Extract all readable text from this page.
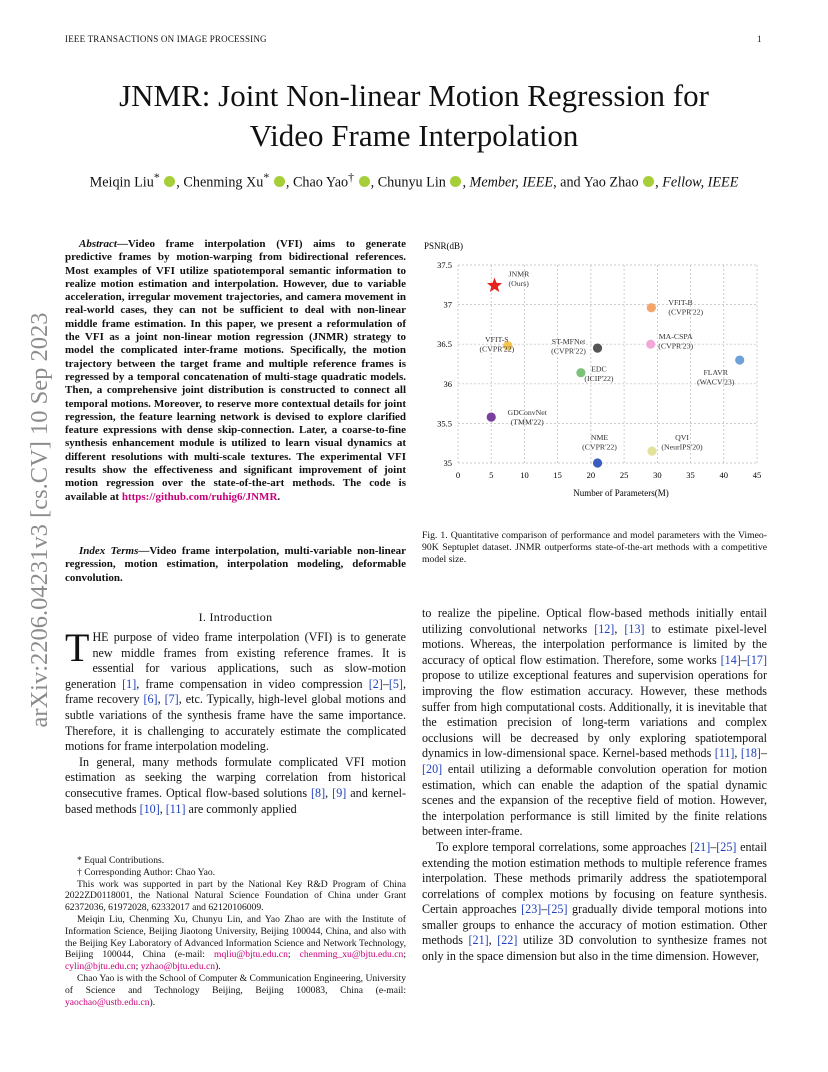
IEEE TRANSACTIONS ON IMAGE PROCESSING	1
JNMR: Joint Non-linear Motion Regression for
Video Frame Interpolation
Meiqin Liu* , Chenming Xu* , Chao Yao† , Chunyu Lin , Member, IEEE, and Yao Zhao , Fellow, IEEE
arXiv:2206.04231v3 [cs.CV] 10 Sep 2023
Abstract—Video frame interpolation (VFI) aims to generate predictive frames by motion-warping from bidirectional references. Most examples of VFI utilize spatiotemporal semantic information to realize motion estimation and interpolation. However, due to variable acceleration, irregular movement trajectories, and camera movement in real-world cases, they can not be sufficient to deal with non-linear middle frame estimation. In this paper, we present a reformulation of the VFI as a joint non-linear motion regression (JNMR) strategy to model the complicated inter-frame motions. Specifically, the motion trajectory between the target frame and multiple reference frames is regressed by a temporal concatenation of multi-stage quadratic models. Then, a comprehensive joint distribution is constructed to connect all temporal motions. Moreover, to reserve more contextual details for joint regression, the feature learning network is devised to explore clarified feature expressions with dense skip-connection. Later, a coarse-to-fine synthesis enhancement module is utilized to learn visual dynamics at different resolutions with multi-scale textures. The experimental VFI results show the effectiveness and significant improvement of joint motion regression over the state-of-the-art methods. The code is available at https://github.com/ruhig6/JNMR.
Index Terms—Video frame interpolation, multi-variable non-linear regression, motion estimation, interpolation modeling, deformable convolution.
I. Introduction
THE purpose of video frame interpolation (VFI) is to generate new middle frames from existing reference frames. It is essential for various applications, such as slow-motion generation [1], frame compensation in video compression [2]–[5], frame recovery [6], [7], etc. Typically, high-level global motions and subtle variations of the synthesis frame have the same importance. Therefore, it is challenging to accurately estimate the complicated motions for frame interpolation modeling.
In general, many methods formulate complicated VFI motion estimation as seeking the warping correlation from historical consecutive frames. Optical flow-based solutions [8], [9] and kernel-based methods [10], [11] are commonly applied

* Equal Contributions.

† Corresponding Author: Chao Yao.

This work was supported in part by the National Key R&D Program of China 2022ZD0118001, the National Natural Science Foundation of China under Grant 62372036, 61972028, 62332017 and 62120106009.

Meiqin Liu, Chenming Xu, Chunyu Lin, and Yao Zhao are with the Institute of Information Science, Beijing Jiaotong University, Beijing 100044, China, and also with the Beijing Key Laboratory of Advanced Information Science and Network Technology, Beijing 100044, China (e-mail: mqliu@bjtu.edu.cn; chenming_xu@bjtu.edu.cn; cylin@bjtu.edu.cn; yzhao@bjtu.edu.cn).

Chao Yao is with the School of Computer & Communication Engineering, University of Science and Technology Beijing, Beijing 100083, China (e-mail: yaochao@ustb.edu.cn).

PSNR(dB)
Number of Parameters(M)
35
35.5
36
36.5
37
37.5
0	5	10	15	20	25	30	35	40	45
JNMR
(Ours)
VFIT-B
(CVPR'22)
VFIT-S
(CVPR'22)
ST-MFNet
(CVPR'22)
MA-CSPA
(CVPR'23)
FLAVR
(WACV'23)
EDC
(ICIP'22)
GDConvNet
(TMM'22)
NME
(CVPR'22)
QVI
(NeurIPS'20)
Fig. 1. Quantitative comparison of performance and model parameters with the Vimeo-90K Septuplet dataset. JNMR outperforms state-of-the-art methods with a competitive model size.

to realize the pipeline. Optical flow-based methods initially entail utilizing convolutional networks [12], [13] to estimate pixel-level motions. Whereas, the interpolation performance is limited by the accuracy of optical flow estimation. Therefore, some works [14]–[17] propose to utilize exceptional features and supervision operations for improving the flow estimation accuracy. However, these methods suffer from high computational costs. Additionally, it is inevitable that the estimation precision of long-term variations and complex occlusions will be decreased by only exploring spatiotemporal dynamics in low-dimensional space. Kernel-based methods [11], [18]–[20] entail utilizing a deformable convolution operation for motion estimation, which can enable the adaption of the spatial dynamic scenes and the expansion of the receptive field of motion. However, the interpolation performance is still limited by the finite relations between inter-frame.

To explore temporal correlations, some approaches [21]–[25] entail extending the motion estimation methods to multiple reference frames interpolation. These methods primarily address the spatiotemporal correlations of complex motions by focusing on feature synthesis. Certain approaches [23]–[25] gradually divide temporal motions into smaller groups to enhance the accuracy of motion estimation. Other methods [21], [22] utilize 3D convolution to synthesize frames not only in the space dimension but also in the time dimension. However,
